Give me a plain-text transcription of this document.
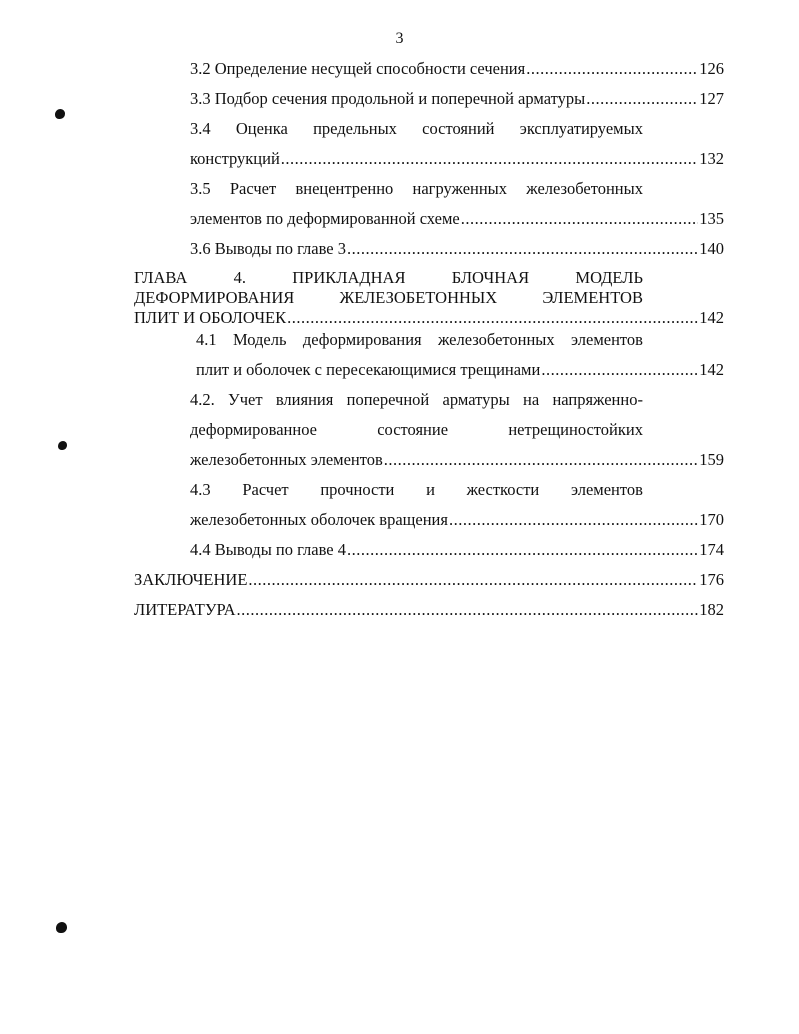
3
3.2 Определение несущей способности сечения .....	126
3.3 Подбор сечения продольной и поперечной арматуры .....	127
3.4 Оценка предельных состояний эксплуатируемых
конструкций .....	132
3.5 Расчет внецентренно нагруженных железобетонных
элементов по деформированной схеме .....	135
3.6 Выводы по главе 3 .....	140
ГЛАВА	4.	ПРИКЛАДНАЯ	БЛОЧНАЯ	МОДЕЛЬ
ДЕФОРМИРОВАНИЯ	ЖЕЛЕЗОБЕТОННЫХ	ЭЛЕМЕНТОВ
ПЛИТ И ОБОЛОЧЕК .....	142
4.1 Модель деформирования железобетонных элементов
плит и оболочек с пересекающимися трещинами .....	142
4.2. Учет влияния поперечной арматуры на напряженно-
деформированное	состояние	нетрещиностойких
железобетонных элементов .....	159
4.3 Расчет прочности и жесткости элементов
железобетонных оболочек вращения .....	170
4.4 Выводы по главе 4 .....	174
ЗАКЛЮЧЕНИЕ .....	176
ЛИТЕРАТУРА .....	182
